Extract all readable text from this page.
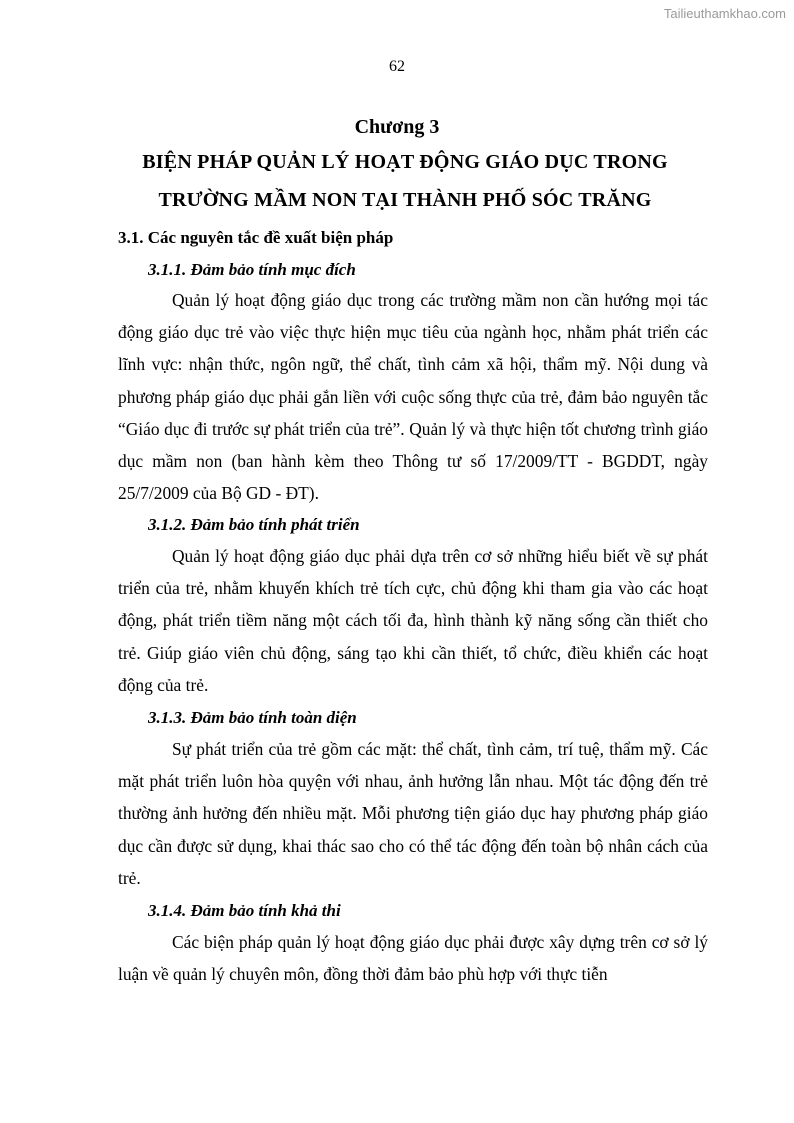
Tailieuthamkhao.com
62
Chương 3
BIỆN PHÁP QUẢN LÝ HOẠT ĐỘNG GIÁO DỤC TRONG
TRƯỜNG MẦM NON TẠI THÀNH PHỐ SÓC TRĂNG
3.1. Các nguyên tắc đề xuất biện pháp
3.1.1. Đảm bảo tính mục đích

Quản lý hoạt động giáo dục trong các trường mầm non cần hướng mọi tác động giáo dục trẻ vào việc thực hiện mục tiêu của ngành học, nhằm phát triển các lĩnh vực: nhận thức, ngôn ngữ, thể chất, tình cảm xã hội, thẩm mỹ. Nội dung và phương pháp giáo dục phải gắn liền với cuộc sống thực của trẻ, đảm bảo nguyên tắc “Giáo dục đi trước sự phát triển của trẻ”. Quản lý và thực hiện tốt chương trình giáo dục mầm non (ban hành kèm theo Thông tư số 17/2009/TT - BGDDT, ngày 25/7/2009 của Bộ GD - ĐT).

3.1.2. Đảm bảo tính phát triển

Quản lý hoạt động giáo dục phải dựa trên cơ sở những hiểu biết về sự phát triển của trẻ, nhằm khuyến khích trẻ tích cực, chủ động khi tham gia vào các hoạt động, phát triển tiềm năng một cách tối đa, hình thành kỹ năng sống cần thiết cho trẻ. Giúp giáo viên chủ động, sáng tạo khi cần thiết, tổ chức, điều khiển các hoạt động của trẻ.

3.1.3. Đảm bảo tính toàn diện

Sự phát triển của trẻ gồm các mặt: thể chất, tình cảm, trí tuệ, thẩm mỹ. Các mặt phát triển luôn hòa quyện với nhau, ảnh hưởng lẫn nhau. Một tác động đến trẻ thường ảnh hưởng đến nhiều mặt. Mỗi phương tiện giáo dục hay phương pháp giáo dục cần được sử dụng, khai thác sao cho có thể tác động đến toàn bộ nhân cách của trẻ.

3.1.4. Đảm bảo tính khả thi

Các biện pháp quản lý hoạt động giáo dục phải được xây dựng trên cơ sở lý luận về quản lý chuyên môn, đồng thời đảm bảo phù hợp với thực tiễn
